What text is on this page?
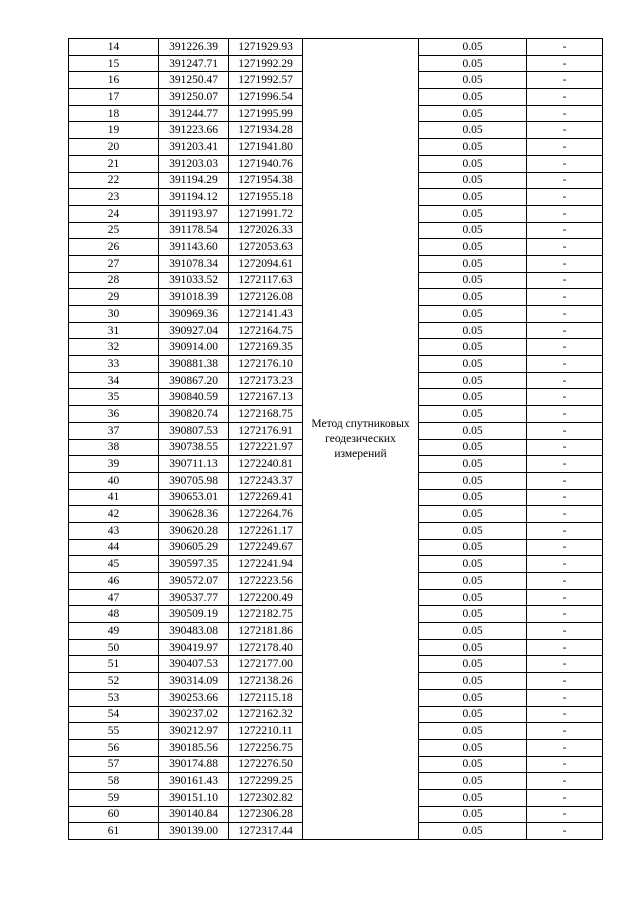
14	391226.39	1271929.93	Метод спутниковых геодезических измерений	0.05	-
15	391247.71	1271992.29		0.05	-
16	391250.47	1271992.57		0.05	-
17	391250.07	1271996.54		0.05	-
18	391244.77	1271995.99		0.05	-
19	391223.66	1271934.28		0.05	-
20	391203.41	1271941.80		0.05	-
21	391203.03	1271940.76		0.05	-
22	391194.29	1271954.38		0.05	-
23	391194.12	1271955.18		0.05	-
24	391193.97	1271991.72		0.05	-
25	391178.54	1272026.33		0.05	-
26	391143.60	1272053.63		0.05	-
27	391078.34	1272094.61		0.05	-
28	391033.52	1272117.63		0.05	-
29	391018.39	1272126.08		0.05	-
30	390969.36	1272141.43		0.05	-
31	390927.04	1272164.75		0.05	-
32	390914.00	1272169.35		0.05	-
33	390881.38	1272176.10		0.05	-
34	390867.20	1272173.23		0.05	-
35	390840.59	1272167.13		0.05	-
36	390820.74	1272168.75		0.05	-
37	390807.53	1272176.91		0.05	-
38	390738.55	1272221.97		0.05	-
39	390711.13	1272240.81		0.05	-
40	390705.98	1272243.37		0.05	-
41	390653.01	1272269.41		0.05	-
42	390628.36	1272264.76		0.05	-
43	390620.28	1272261.17		0.05	-
44	390605.29	1272249.67		0.05	-
45	390597.35	1272241.94		0.05	-
46	390572.07	1272223.56		0.05	-
47	390537.77	1272200.49		0.05	-
48	390509.19	1272182.75		0.05	-
49	390483.08	1272181.86		0.05	-
50	390419.97	1272178.40		0.05	-
51	390407.53	1272177.00		0.05	-
52	390314.09	1272138.26		0.05	-
53	390253.66	1272115.18		0.05	-
54	390237.02	1272162.32		0.05	-
55	390212.97	1272210.11		0.05	-
56	390185.56	1272256.75		0.05	-
57	390174.88	1272276.50		0.05	-
58	390161.43	1272299.25		0.05	-
59	390151.10	1272302.82		0.05	-
60	390140.84	1272306.28		0.05	-
61	390139.00	1272317.44		0.05	-
